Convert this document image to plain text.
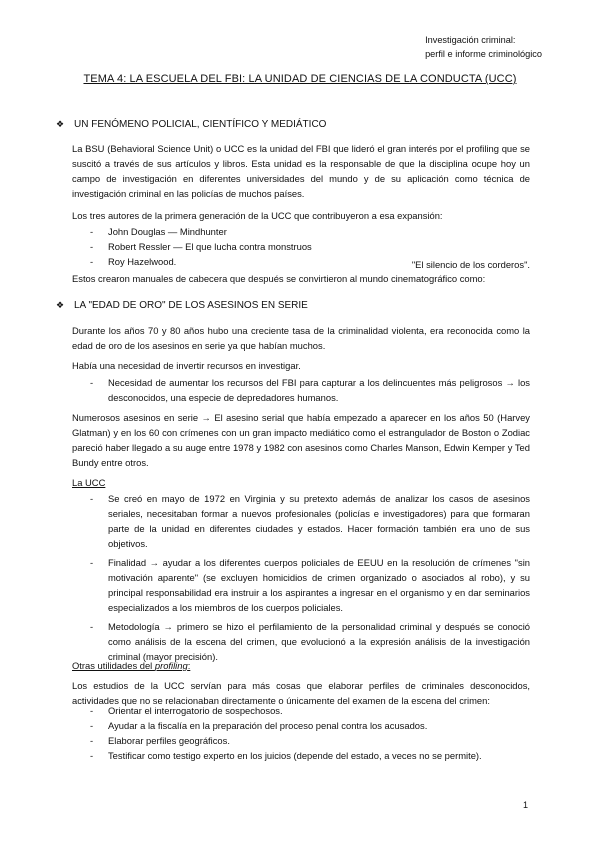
Investigación criminal:
perfil e informe criminológico
TEMA 4: LA ESCUELA DEL FBI: LA UNIDAD DE CIENCIAS DE LA CONDUCTA (UCC)
❖ UN FENÓMENO POLICIAL, CIENTÍFICO Y MEDIÁTICO
La BSU (Behavioral Science Unit) o UCC es la unidad del FBI que lideró el gran interés por el profiling que se suscitó a través de sus artículos y libros. Esta unidad es la responsable de que la disciplina ocupe hoy un campo de investigación en diferentes universidades del mundo y de su aplicación como técnica de investigación criminal en las policías de muchos países.
Los tres autores de la primera generación de la UCC que contribuyeron a esa expansión:
- John Douglas — Mindhunter
- Robert Ressler — El que lucha contra monstruos
- Roy Hazelwood.	"El silencio de los corderos".
Estos crearon manuales de cabecera que después se convirtieron al mundo cinematográfico como:
❖ LA "EDAD DE ORO" DE LOS ASESINOS EN SERIE
Durante los años 70 y 80 años hubo una creciente tasa de la criminalidad violenta, era reconocida como la edad de oro de los asesinos en serie ya que habían muchos.
Había una necesidad de invertir recursos en investigar.
- Necesidad de aumentar los recursos del FBI para capturar a los delincuentes más peligrosos → los desconocidos, una especie de depredadores humanos.
Numerosos asesinos en serie → El asesino serial que había empezado a aparecer en los años 50 (Harvey Glatman) y en los 60 con crímenes con un gran impacto mediático como el estrangulador de Boston o Zodiac pareció haber llegado a su auge entre 1978 y 1982 con asesinos como Charles Manson, Edwin Kemper y Ted Bundy entre otros.
La UCC
- Se creó en mayo de 1972 en Virginia y su pretexto además de analizar los casos de asesinos seriales, necesitaban formar a nuevos profesionales (policías e investigadores) para que formaran parte de la unidad en diferentes ciudades y estados. Hacer formación también era uno de sus objetivos.
- Finalidad → ayudar a los diferentes cuerpos policiales de EEUU en la resolución de crímenes "sin motivación aparente" (se excluyen homicidios de crimen organizado o asociados al robo), y su principal responsabilidad era instruir a los aspirantes a ingresar en el organismo y en dar seminarios especializados a los miembros de los cuerpos policiales.
- Metodología → primero se hizo el perfilamiento de la personalidad criminal y después se conoció como análisis de la escena del crimen, que evolucionó a la expresión análisis de la investigación criminal (mayor precisión).
Otras utilidades del profiling:
Los estudios de la UCC servían para más cosas que elaborar perfiles de criminales desconocidos, actividades que no se relacionaban directamente o únicamente del examen de la escena del crimen:
- Orientar el interrogatorio de sospechosos.
- Ayudar a la fiscalía en la preparación del proceso penal contra los acusados.
- Elaborar perfiles geográficos.
- Testificar como testigo experto en los juicios (depende del estado, a veces no se permite).
1
